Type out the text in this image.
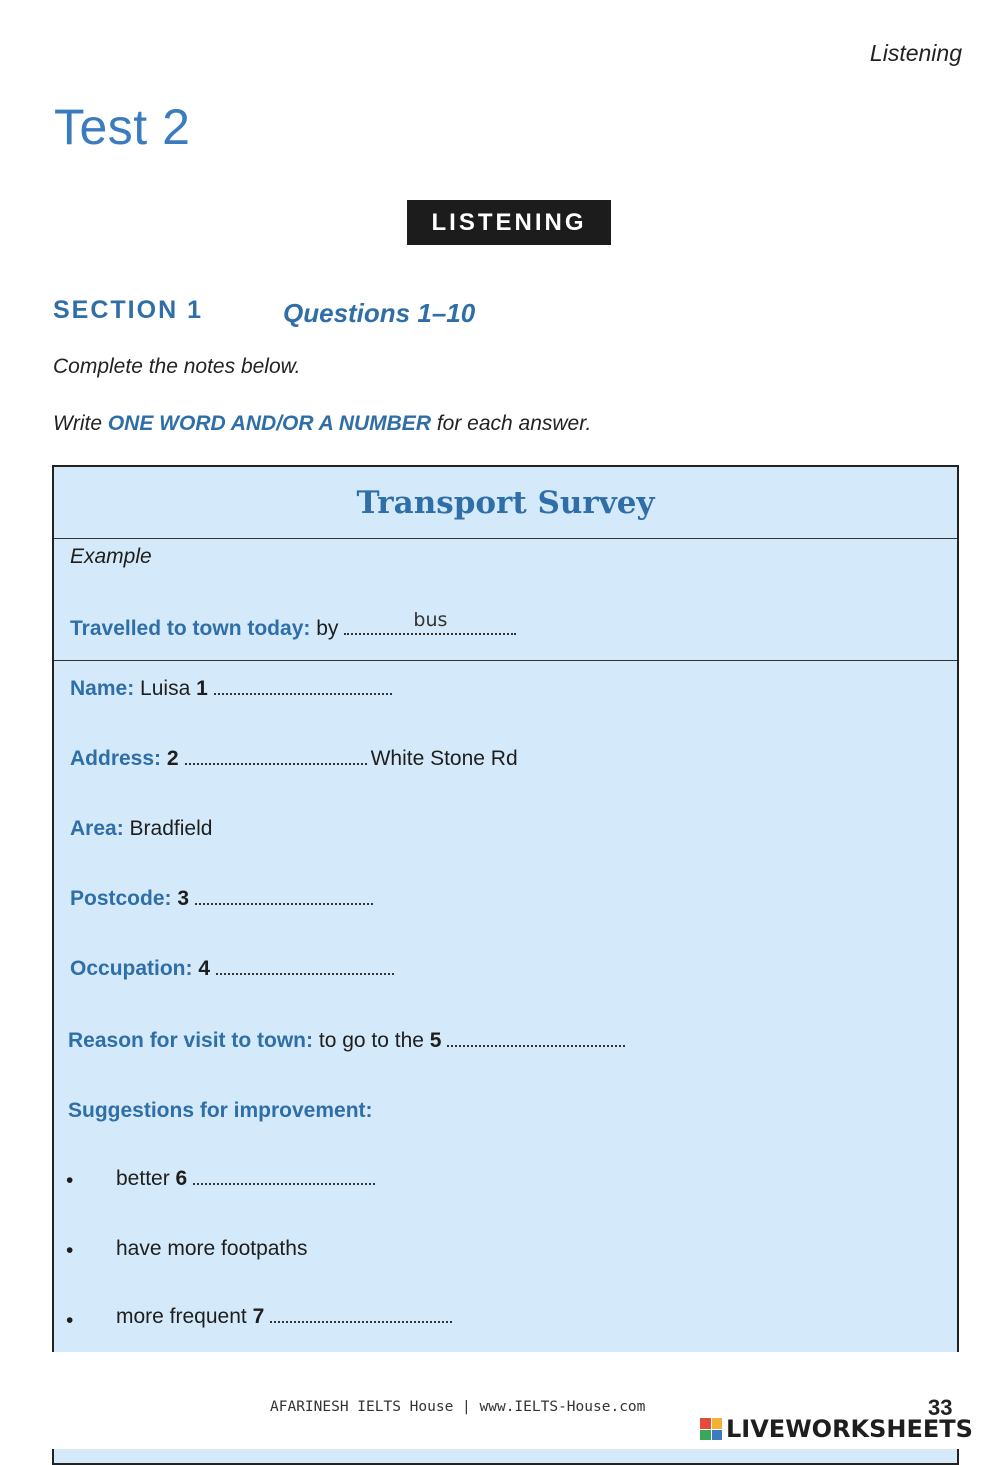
Listening
Test 2
LISTENING
SECTION 1	Questions 1–10
Complete the notes below.
Write ONE WORD AND/OR A NUMBER for each answer.
Transport Survey
Example
Travelled to town today: by	bus
Name: Luisa 1
Address: 2	White Stone Rd
Area: Bradfield
Postcode: 3
Occupation: 4
Reason for visit to town: to go to the 5
Suggestions for improvement:
• better 6
• have more footpaths
• more frequent 7
AFARINESH IELTS House | www.IELTS-House.com	33
LIVEWORKSHEETS
